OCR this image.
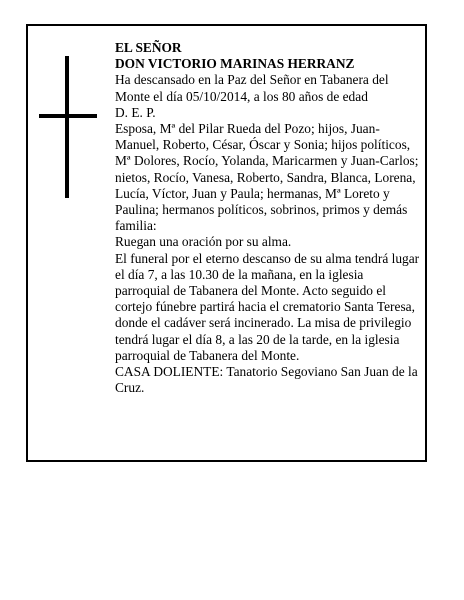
EL SEÑOR

DON VICTORIO MARINAS HERRANZ

Ha descansado en la Paz del Señor en Tabanera del Monte el día 05/10/2014, a los 80 años de edad

D. E. P.

Esposa, Mª del Pilar Rueda del Pozo; hijos, Juan-Manuel, Roberto, César, Óscar y Sonia; hijos políticos, Mª Dolores, Rocío, Yolanda, Maricarmen y Juan-Carlos; nietos, Rocío, Vanesa, Roberto, Sandra, Blanca, Lorena, Lucía, Víctor, Juan y Paula; hermanas, Mª Loreto y Paulina; hermanos políticos, sobrinos, primos y demás familia:

Ruegan una oración por su alma.

El funeral por el eterno descanso de su alma tendrá lugar el día 7, a las 10.30 de la mañana, en la iglesia parroquial de Tabanera del Monte. Acto seguido el cortejo fúnebre partirá hacia el crematorio Santa Teresa, donde el cadáver será incinerado. La misa de privilegio tendrá lugar el día 8, a las 20 de la tarde, en la iglesia parroquial de Tabanera del Monte.

CASA DOLIENTE: Tanatorio Segoviano San Juan de la Cruz.
